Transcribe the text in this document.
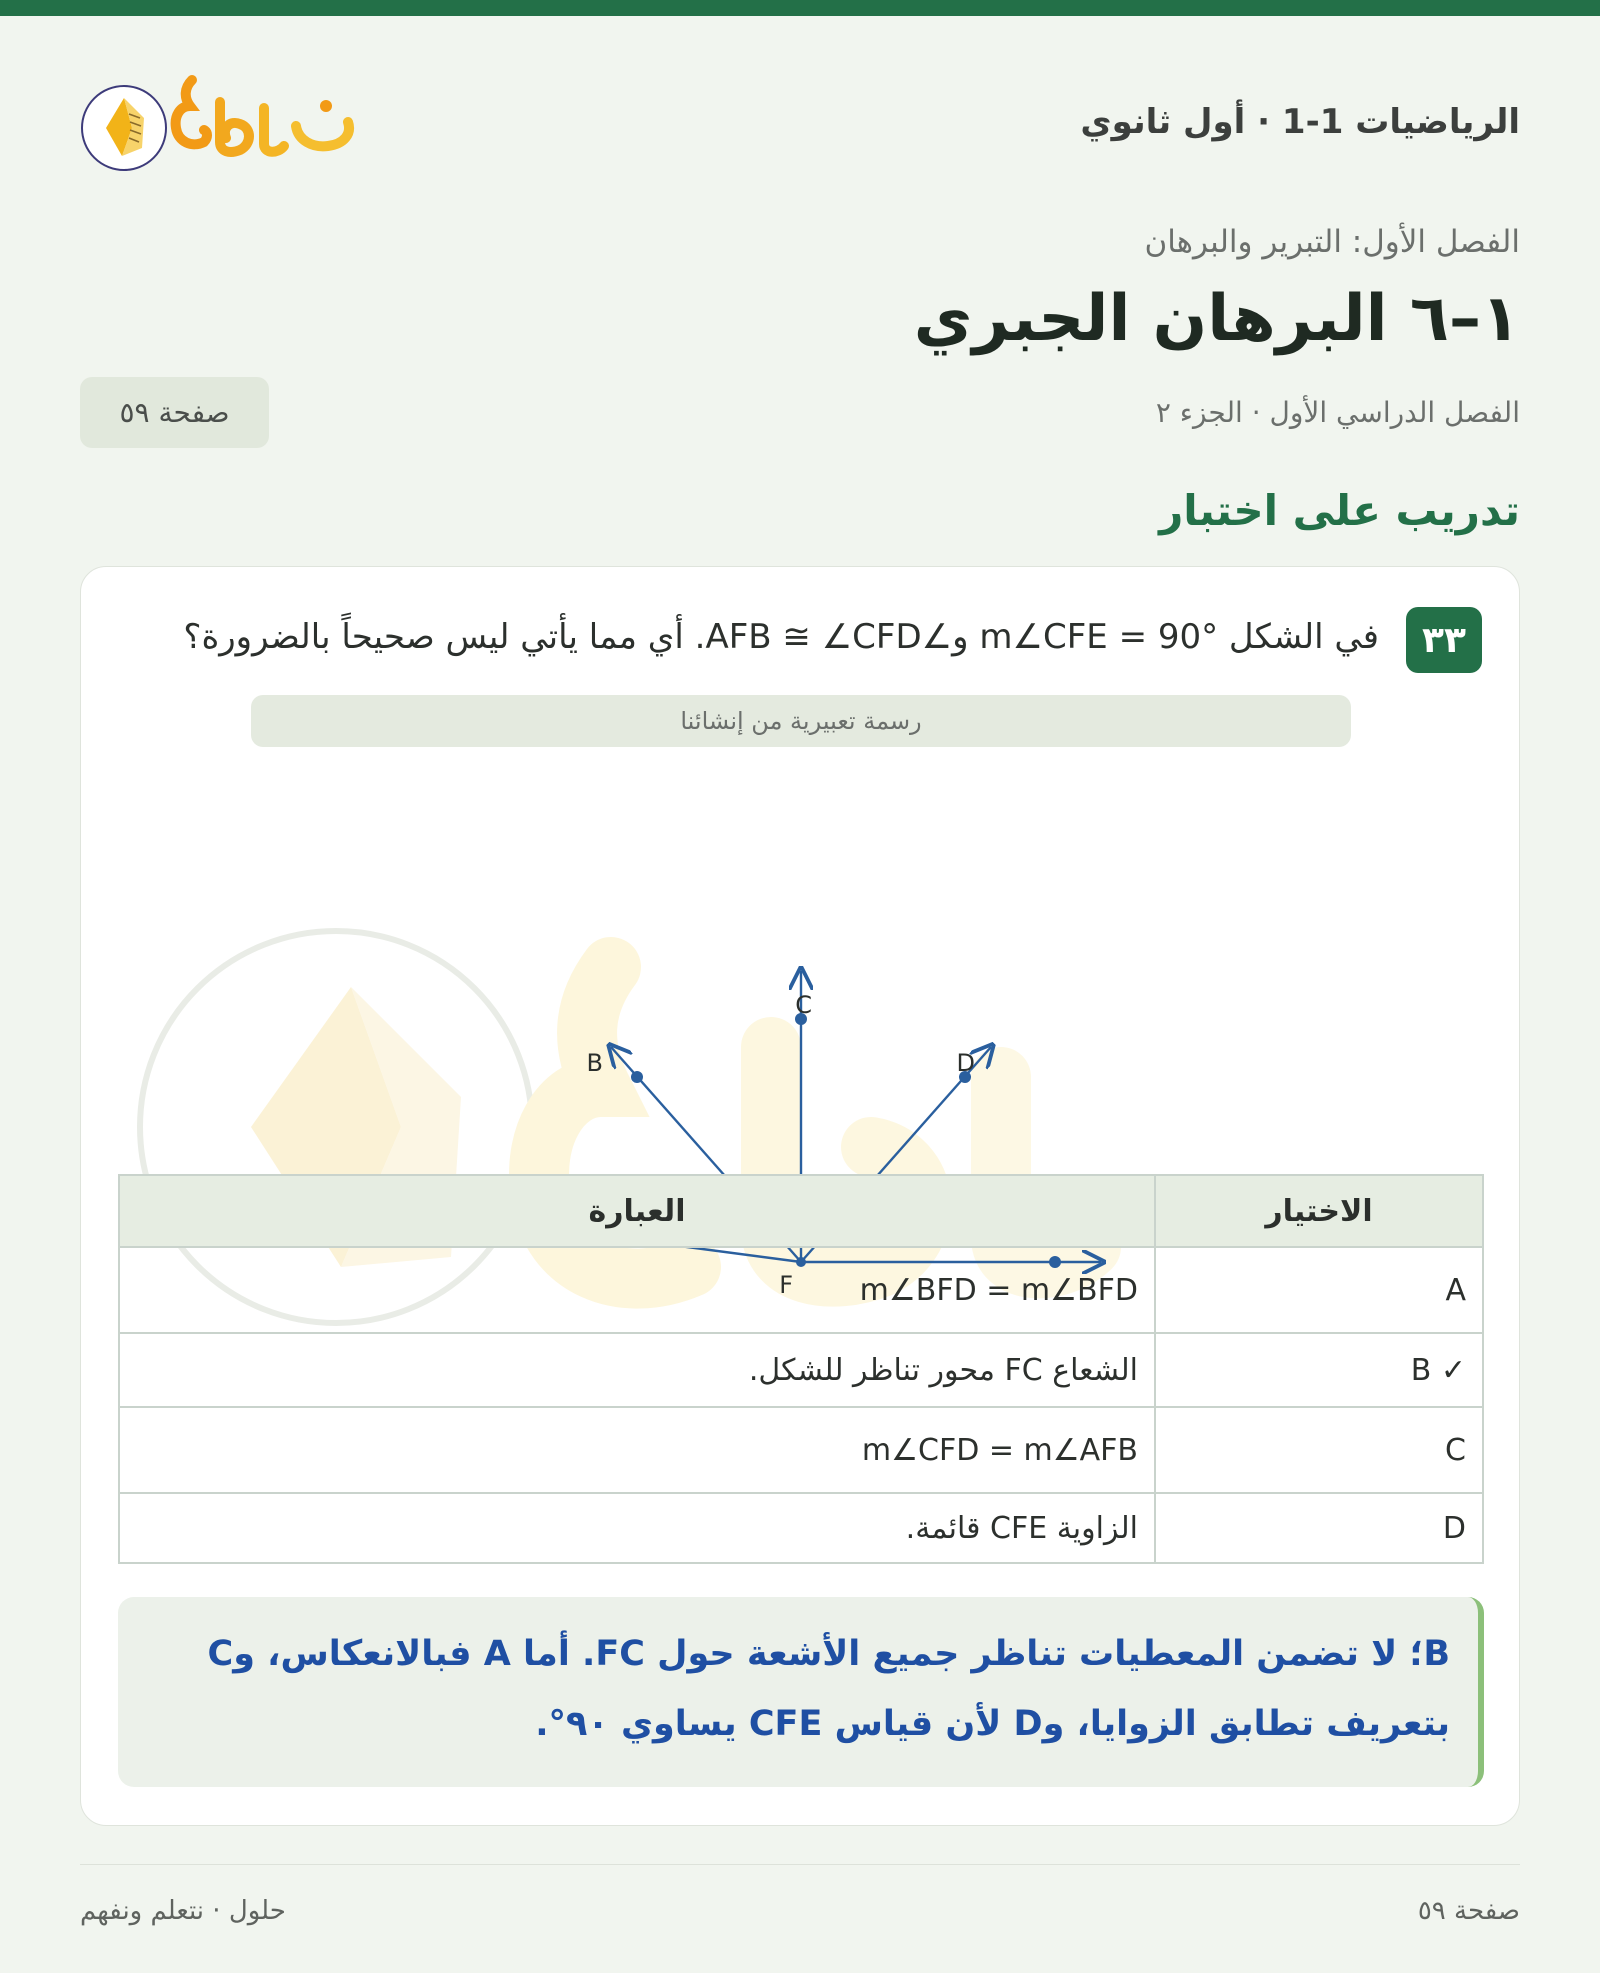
الرياضيات 1-1 · أول ثانوي
الفصل الأول: التبرير والبرهان
١–٦ البرهان الجبري
الفصل الدراسي الأول · الجزء ٢
صفحة ٥٩
تدريب على اختبار
٣٣
في الشكل m∠CFE = 90° و∠AFB ≅ ∠CFD. أي مما يأتي ليس صحيحاً بالضرورة؟
رسمة تعبيرية من إنشائنا
C
F
B	D
الاختيار	العبارة
A	m∠BFD = m∠BFD
B ✓	الشعاع FC محور تناظر للشكل.
C	m∠CFD = m∠AFB
D	الزاوية CFE قائمة.
B؛ لا تضمن المعطيات تناظر جميع الأشعة حول FC. أما A فبالانعكاس، وC
بتعريف تطابق الزوايا، وD لأن قياس CFE يساوي ٩٠°.
صفحة ٥٩
حلول · نتعلم ونفهم
